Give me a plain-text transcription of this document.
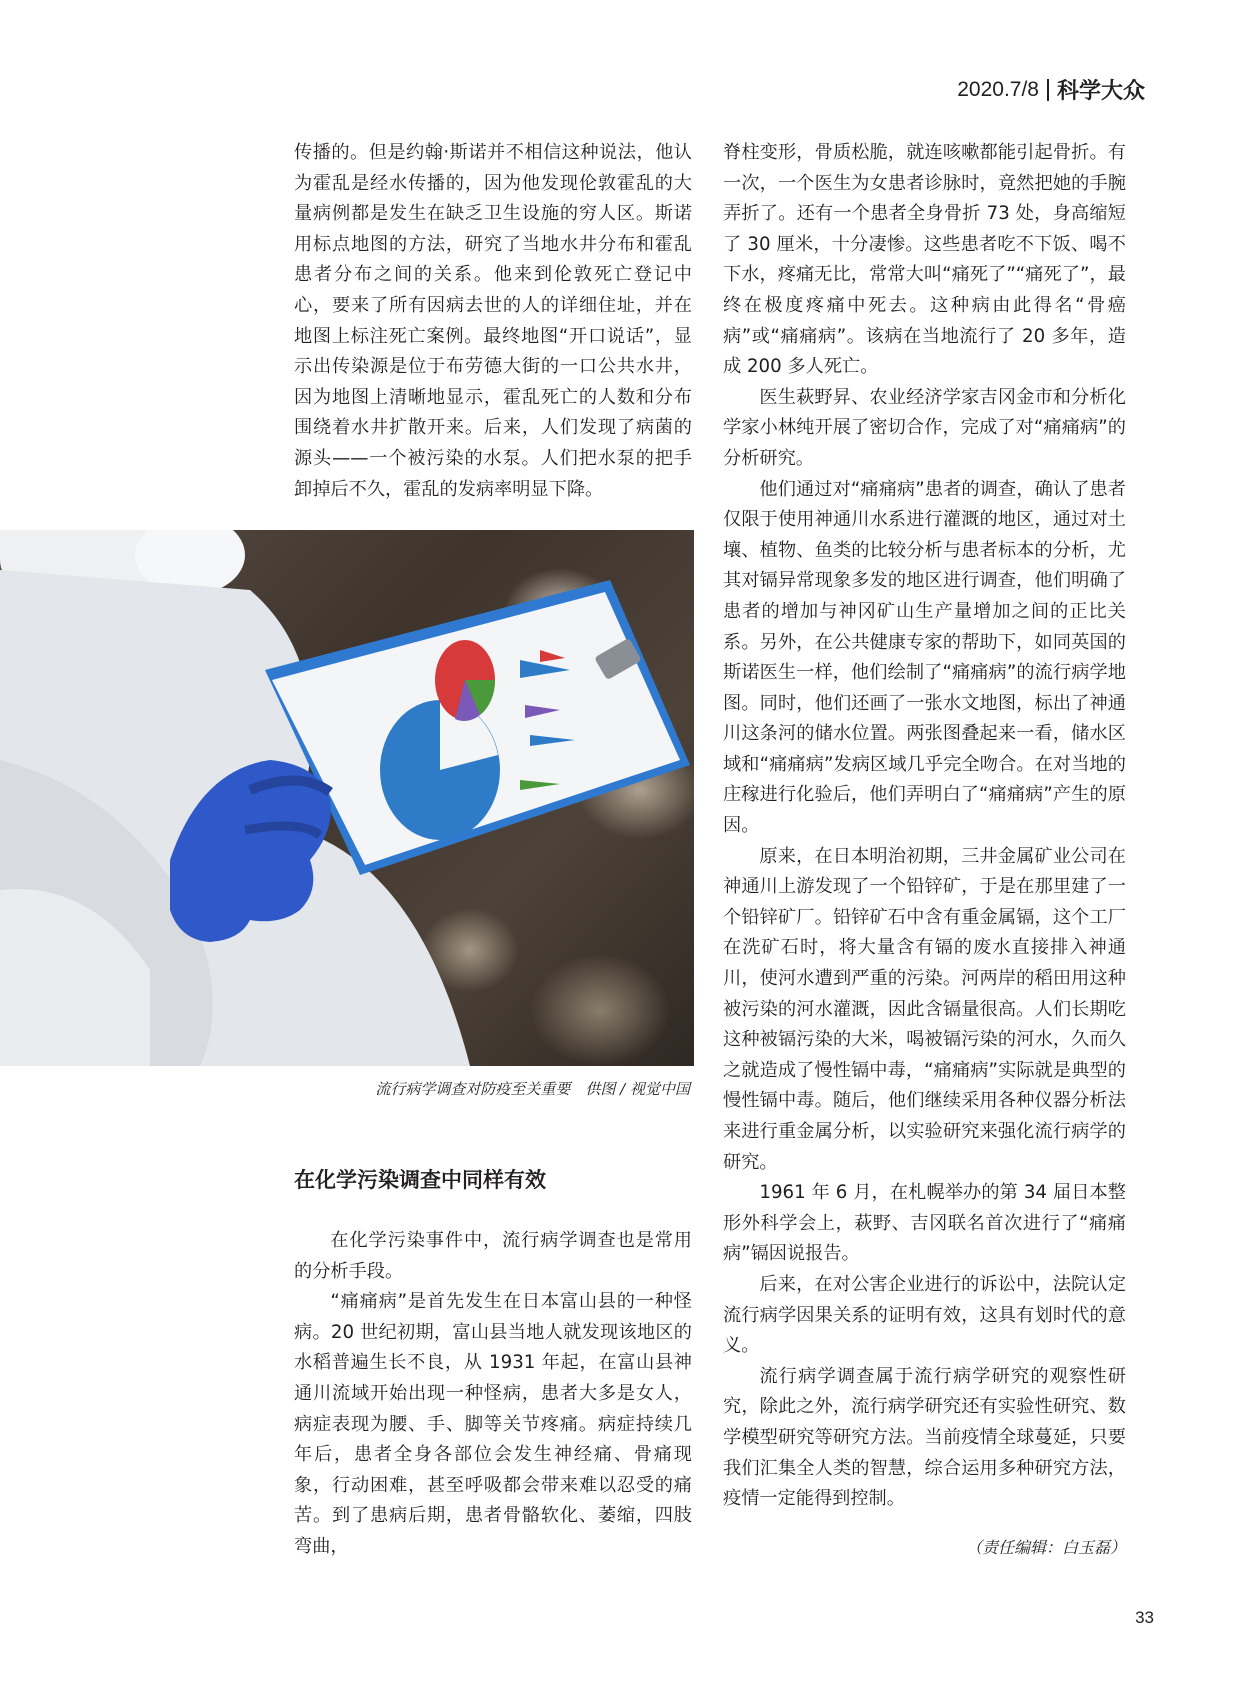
2020.7/8 科学大众

传播的。但是约翰·斯诺并不相信这种说法，他认为霍乱是经水传播的，因为他发现伦敦霍乱的大量病例都是发生在缺乏卫生设施的穷人区。斯诺用标点地图的方法，研究了当地水井分布和霍乱患者分布之间的关系。他来到伦敦死亡登记中心，要来了所有因病去世的人的详细住址，并在地图上标注死亡案例。最终地图“开口说话”，显示出传染源是位于布劳德大街的一口公共水井，因为地图上清晰地显示，霍乱死亡的人数和分布围绕着水井扩散开来。后来，人们发现了病菌的源头——一个被污染的水泵。人们把水泵的把手卸掉后不久，霍乱的发病率明显下降。

流行病学调查对防疫至关重要　供图 / 视觉中国
在化学污染调查中同样有效

在化学污染事件中，流行病学调查也是常用的分析手段。

“痛痛病”是首先发生在日本富山县的一种怪病。20 世纪初期，富山县当地人就发现该地区的水稻普遍生长不良，从 1931 年起，在富山县神通川流域开始出现一种怪病，患者大多是女人，病症表现为腰、手、脚等关节疼痛。病症持续几年后，患者全身各部位会发生神经痛、骨痛现象，行动困难，甚至呼吸都会带来难以忍受的痛苦。到了患病后期，患者骨骼软化、萎缩，四肢弯曲，

脊柱变形，骨质松脆，就连咳嗽都能引起骨折。有一次，一个医生为女患者诊脉时，竟然把她的手腕弄折了。还有一个患者全身骨折 73 处，身高缩短了 30 厘米，十分凄惨。这些患者吃不下饭、喝不下水，疼痛无比，常常大叫“痛死了”“痛死了”，最终在极度疼痛中死去。这种病由此得名“骨癌病”或“痛痛病”。该病在当地流行了 20 多年，造成 200 多人死亡。

医生萩野昇、农业经济学家吉冈金市和分析化学家小林纯开展了密切合作，完成了对“痛痛病”的分析研究。

他们通过对“痛痛病”患者的调查，确认了患者仅限于使用神通川水系进行灌溉的地区，通过对土壤、植物、鱼类的比较分析与患者标本的分析，尤其对镉异常现象多发的地区进行调查，他们明确了患者的增加与神冈矿山生产量增加之间的正比关系。另外，在公共健康专家的帮助下，如同英国的斯诺医生一样，他们绘制了“痛痛病”的流行病学地图。同时，他们还画了一张水文地图，标出了神通川这条河的储水位置。两张图叠起来一看，储水区域和“痛痛病”发病区域几乎完全吻合。在对当地的庄稼进行化验后，他们弄明白了“痛痛病”产生的原因。

原来，在日本明治初期，三井金属矿业公司在神通川上游发现了一个铅锌矿，于是在那里建了一个铅锌矿厂。铅锌矿石中含有重金属镉，这个工厂在洗矿石时，将大量含有镉的废水直接排入神通川，使河水遭到严重的污染。河两岸的稻田用这种被污染的河水灌溉，因此含镉量很高。人们长期吃这种被镉污染的大米，喝被镉污染的河水，久而久之就造成了慢性镉中毒，“痛痛病”实际就是典型的慢性镉中毒。随后，他们继续采用各种仪器分析法来进行重金属分析，以实验研究来强化流行病学的研究。

1961 年 6 月，在札幌举办的第 34 届日本整形外科学会上，萩野、吉冈联名首次进行了“痛痛病”镉因说报告。

后来，在对公害企业进行的诉讼中，法院认定流行病学因果关系的证明有效，这具有划时代的意义。

流行病学调查属于流行病学研究的观察性研究，除此之外，流行病学研究还有实验性研究、数学模型研究等研究方法。当前疫情全球蔓延，只要我们汇集全人类的智慧，综合运用多种研究方法，疫情一定能得到控制。

（责任编辑：白玉磊）
33
